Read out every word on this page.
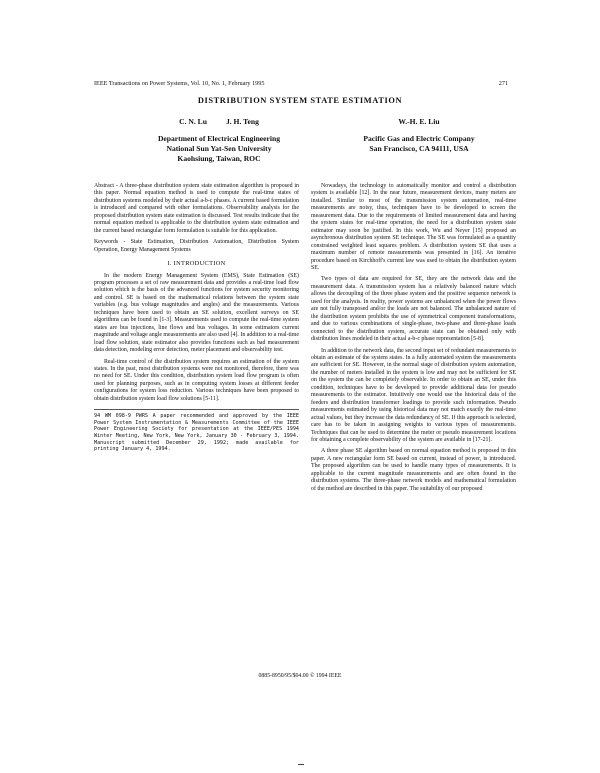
IEEE Transactions on Power Systems, Vol. 10, No. 1, February 1995	271
DISTRIBUTION SYSTEM STATE ESTIMATION
C. N. Lu          J. H. Teng
Department of Electrical Engineering
National Sun Yat-Sen University
Kaohsiung, Taiwan, ROC
W.-H. E. Liu
Pacific Gas and Electric Company
San Francisco, CA 94111, USA

Abstract - A three-phase distribution system state estimation algorithm is proposed in this paper. Normal equation method is used to compute the real-time states of distribution systems modeled by their actual a-b-c phases. A current based formulation is introduced and compared with other formulations. Observability analysis for the proposed distribution system state estimation is discussed. Test results indicate that the normal equation method is applicable to the distribution system state estimation and the current based rectangular form formulation is suitable for this application.

Keywords - State Estimation, Distribution Automation, Distribution System Operation, Energy Management Systems

I. INTRODUCTION

In the modern Energy Management System (EMS), State Estimation (SE) program processes a set of raw measurement data and provides a real-time load flow solution which is the basis of the advanced functions for system security monitoring and control. SE is based on the mathematical relations between the system state variables (e.g. bus voltage magnitudes and angles) and the measurements. Various techniques have been used to obtain an SE solution, excellent surveys on SE algorithms can be found in [1-3]. Measurements used to compute the real-time system states are bus injections, line flows and bus voltages. In some estimators current magnitude and voltage angle measurements are also used [4]. In addition to a real-time load flow solution, state estimator also provides functions such as bad measurement data detection, modeling error detection, meter placement and observability test.

Real-time control of the distribution system requires an estimation of the system states. In the past, most distribution systems were not monitored, therefore, there was no need for SE. Under this condition, distribution system load flow program is often used for planning purposes, such as in computing system losses at different feeder configurations for system loss reduction. Various techniques have been proposed to obtain distribution system load flow solutions [5-11].

94 WM 098-9 PWRS A paper recommended and approved by the IEEE Power System Instrumentation & Measurements Committee of the IEEE Power Engineering Society for presentation at the IEEE/PES 1994 Winter Meeting, New York, New York, January 30 - February 3, 1994. Manuscript submitted December 29, 1992; made available for printing January 4, 1994.

Nowadays, the technology to automatically monitor and control a distribution system is available [12]. In the near future, measurement devices, many meters are installed. Similar to most of the transmission system automation, real-time measurements are noisy, thus, techniques have to be developed to screen the measurement data. Due to the requirements of limited measurement data and having the system states for real-time operation, the need for a distribution system state estimator may soon be justified. In this work, Wu and Neyer [15] proposed an asynchronous distribution system SE technique. The SE was formulated as a quantity constrained weighted least squares problem. A distribution system SE that uses a maximum number of remote measurements was presented in [16]. An iterative procedure based on Kirchhoff's current law was used to obtain the distribution system SE.

Two types of data are required for SE, they are the network data and the measurement data. A transmission system has a relatively balanced nature which allows the decoupling of the three phase system and the positive sequence network is used for the analysis. In reality, power systems are unbalanced when the power flows are not fully transposed and/or the loads are not balanced. The unbalanced nature of the distribution system prohibits the use of symmetrical component transformations, and due to various combinations of single-phase, two-phase and three-phase loads connected to the distribution system, accurate state can be obtained only with distribution lines modeled in their actual a-b-c phase representation [5-8].

In addition to the network data, the second input set of redundant measurements to obtain an estimate of the system states. In a fully automated system the measurements are sufficient for SE. However, in the normal stage of distribution system automation, the number of meters installed in the system is low and may not be sufficient for SE on the system the can be completely observable. In order to obtain an SE, under this condition, techniques have to be developed to provide additional data for pseudo measurements to the estimator. Intuitively one would use the historical data of the feeders and distribution transformer loadings to provide such information. Pseudo measurements estimated by using historical data may not match exactly the real-time actual values, but they increase the data redundancy of SE. If this approach is selected, care has to be taken in assigning weights to various types of measurements. Techniques that can be used to determine the meter or pseudo measurement locations for obtaining a complete observability of the system are available in [17-21].

A three phase SE algorithm based on normal equation method is proposed in this paper. A new rectangular form SE based on current, instead of power, is introduced. The proposed algorithm can be used to handle many types of measurements. It is applicable to the current magnitude measurements and are often found in the distribution systems. The three-phase network models and mathematical formulation of the method are described in this paper. The suitability of our proposed

0885-8950/95/$04.00 © 1994 IEEE
